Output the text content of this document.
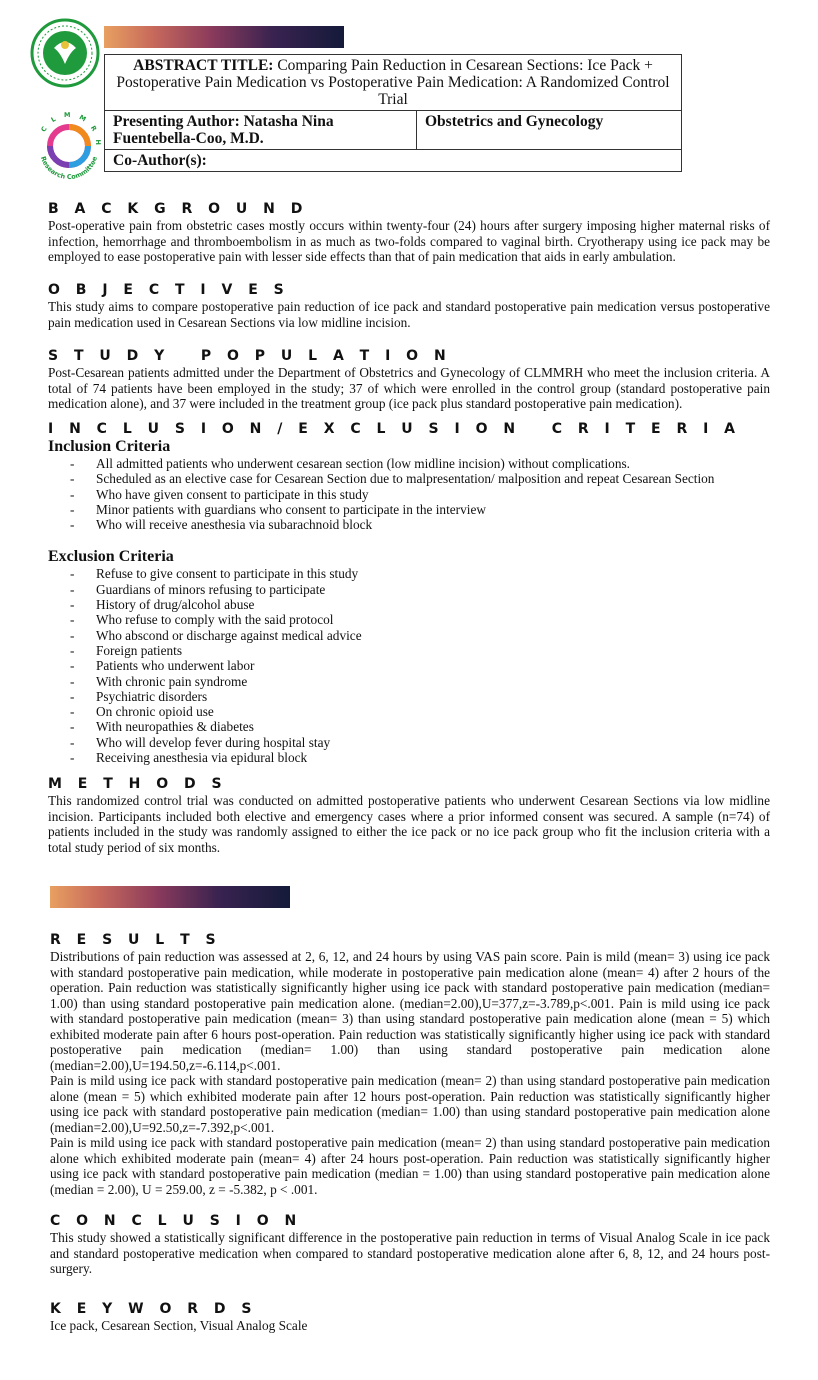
C L M M R H
Research Committee
ABSTRACT TITLE: Comparing Pain Reduction in Cesarean Sections: Ice Pack + Postoperative Pain Medication vs Postoperative Pain Medication: A Randomized Control Trial
Presenting Author: Natasha Nina Fuentebella-Coo, M.D.	Obstetrics and Gynecology
Co-Author(s):

B A C K G R O U N D

Post-operative pain from obstetric cases mostly occurs within twenty-four (24) hours after surgery imposing higher maternal risks of infection, hemorrhage and thromboembolism in as much as two-folds compared to vaginal birth. Cryotherapy using ice pack may be employed to ease postoperative pain with lesser side effects than that of pain medication that aids in early ambulation.

O B J E C T I V E S

This study aims to compare postoperative pain reduction of ice pack and standard postoperative pain medication versus postoperative pain medication used in Cesarean Sections via low midline incision.

S T U D Y   P O P U L A T I O N

Post-Cesarean patients admitted under the Department of Obstetrics and Gynecology of CLMMRH who meet the inclusion criteria. A total of 74 patients have been employed in the study; 37 of which were enrolled in the control group (standard postoperative pain medication alone), and 37 were included in the treatment group (ice pack plus standard postoperative pain medication).

I N C L U S I O N / E X C L U S I O N   C R I T E R I A

Inclusion Criteria

- All admitted patients who underwent cesarean section (low midline incision) without complications.
- Scheduled as an elective case for Cesarean Section due to malpresentation/ malposition and repeat Cesarean Section
- Who have given consent to participate in this study
- Minor patients with guardians who consent to participate in the interview
- Who will receive anesthesia via subarachnoid block

Exclusion Criteria

- Refuse to give consent to participate in this study
- Guardians of minors refusing to participate
- History of drug/alcohol abuse
- Who refuse to comply with the said protocol
- Who abscond or discharge against medical advice
- Foreign patients
- Patients who underwent labor
- With chronic pain syndrome
- Psychiatric disorders
- On chronic opioid use
- With neuropathies & diabetes
- Who will develop fever during hospital stay
- Receiving anesthesia via epidural block

M E T H O D S

This randomized control trial was conducted on admitted postoperative patients who underwent Cesarean Sections via low midline incision. Participants included both elective and emergency cases where a prior informed consent was secured. A sample (n=74) of patients included in the study was randomly assigned to either the ice pack or no ice pack group who fit the inclusion criteria with a total study period of six months.

R E S U L T S

Distributions of pain reduction was assessed at 2, 6, 12, and 24 hours by using VAS pain score. Pain is mild (mean= 3) using ice pack with standard postoperative pain medication, while moderate in postoperative pain medication alone (mean= 4) after 2 hours of the operation. Pain reduction was statistically significantly higher using ice pack with standard postoperative pain medication (median= 1.00) than using standard postoperative pain medication alone. (median=2.00),U=377,z=-3.789,p<.001. Pain is mild using ice pack with standard postoperative pain medication (mean= 3) than using standard postoperative pain medication alone (mean = 5) which exhibited moderate pain after 6 hours post-operation. Pain reduction was statistically significantly higher using ice pack with standard postoperative pain medication (median= 1.00) than using standard postoperative pain medication alone (median=2.00),U=194.50,z=-6.114,p<.001.

Pain is mild using ice pack with standard postoperative pain medication (mean= 2) than using standard postoperative pain medication alone (mean = 5) which exhibited moderate pain after 12 hours post-operation. Pain reduction was statistically significantly higher using ice pack with standard postoperative pain medication (median= 1.00) than using standard postoperative pain medication alone (median=2.00),U=92.50,z=-7.392,p<.001.

Pain is mild using ice pack with standard postoperative pain medication (mean= 2) than using standard postoperative pain medication alone which exhibited moderate pain (mean= 4) after 24 hours post-operation. Pain reduction was statistically significantly higher using ice pack with standard postoperative pain medication (median = 1.00) than using standard postoperative pain medication alone (median = 2.00), U = 259.00, z = -5.382, p < .001.

C O N C L U S I O N

This study showed a statistically significant difference in the postoperative pain reduction in terms of Visual Analog Scale in ice pack and standard postoperative medication when compared to standard postoperative medication alone after 6, 8, 12, and 24 hours post-surgery.

K E Y W O R D S

Ice pack, Cesarean Section, Visual Analog Scale
